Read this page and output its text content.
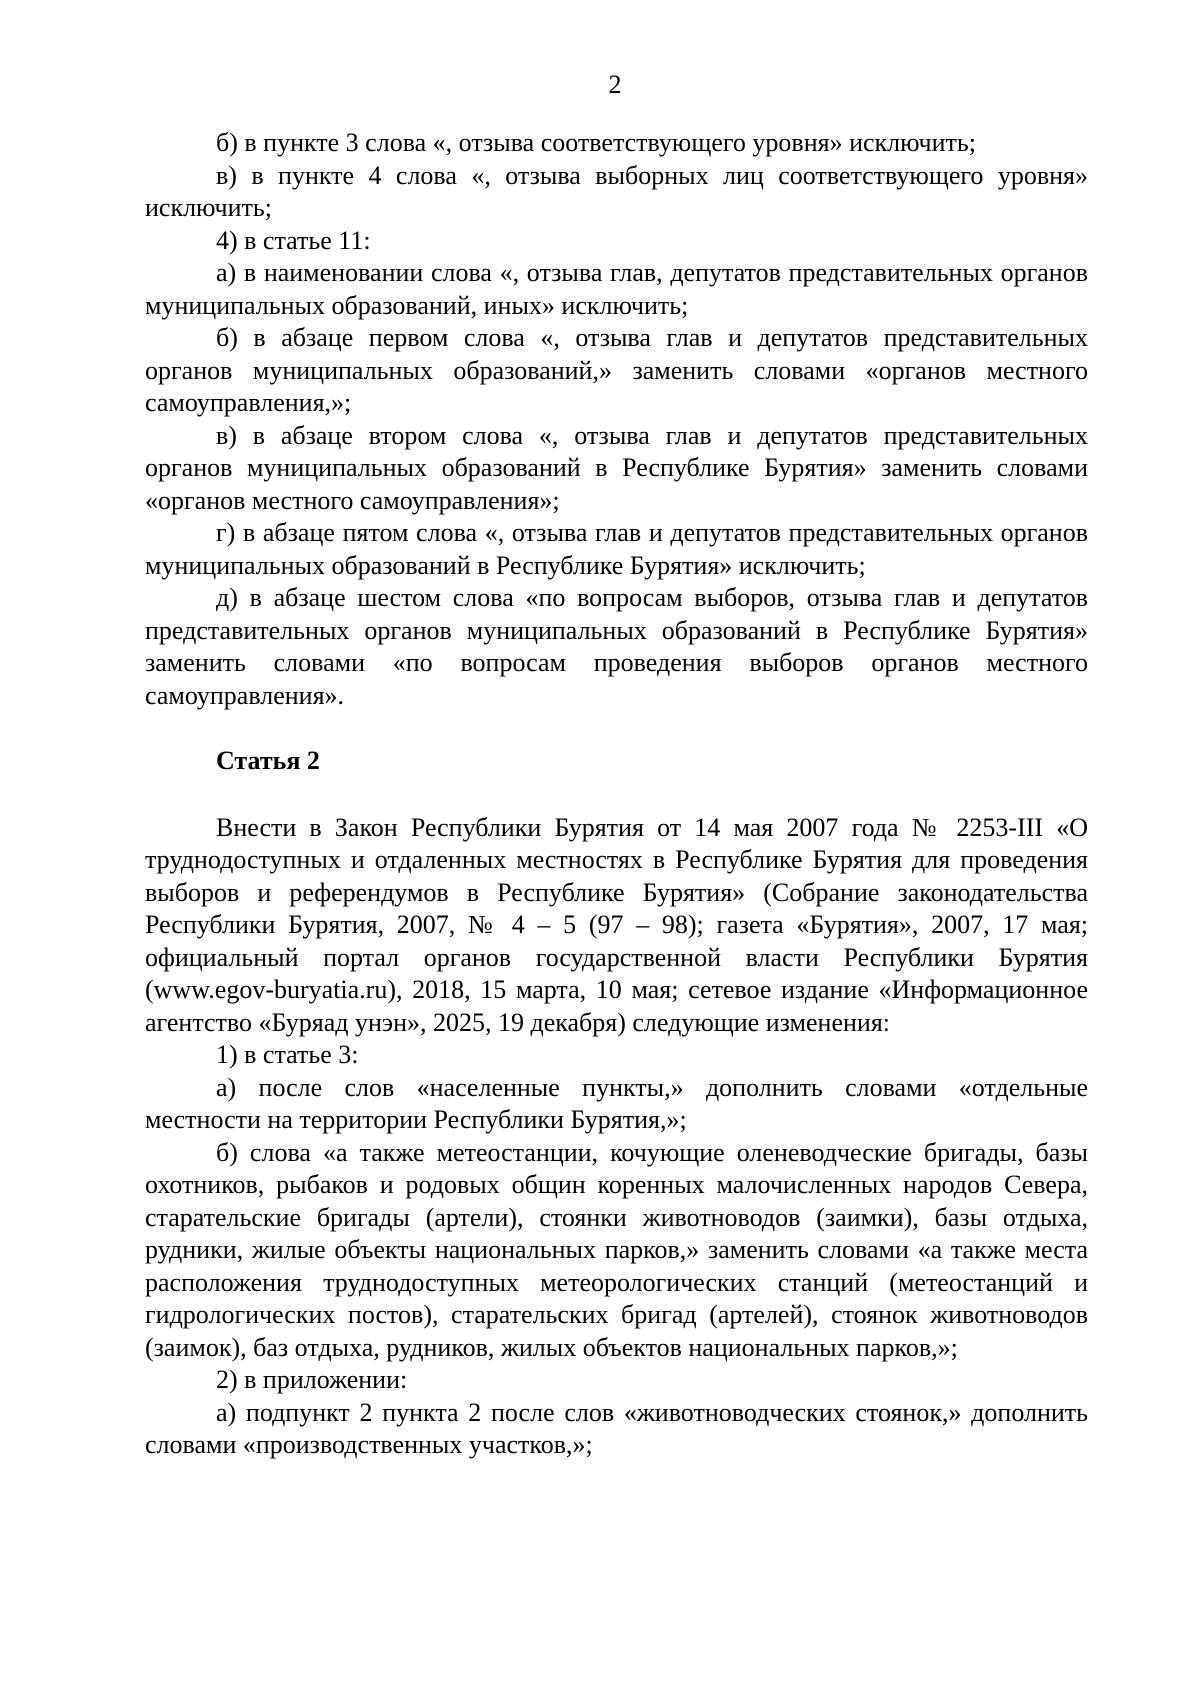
2

б) в пункте 3 слова «, отзыва соответствующего уровня» исключить;

в) в пункте 4 слова «, отзыва выборных лиц соответствующего уровня» исключить;

4) в статье 11:

а) в наименовании слова «, отзыва глав, депутатов представительных органов муниципальных образований, иных» исключить;

б) в абзаце первом слова «, отзыва глав и депутатов представительных органов муниципальных образований,» заменить словами «органов местного самоуправления,»;

в) в абзаце втором слова «, отзыва глав и депутатов представительных органов муниципальных образований в Республике Бурятия» заменить словами «органов местного самоуправления»;

г) в абзаце пятом слова «, отзыва глав и депутатов представительных органов муниципальных образований в Республике Бурятия» исключить;

д) в абзаце шестом слова «по вопросам выборов, отзыва глав и депутатов представительных органов муниципальных образований в Республике Бурятия» заменить словами «по вопросам проведения выборов органов местного самоуправления».

Статья 2

Внести в Закон Республики Бурятия от 14 мая 2007 года № 2253-III «О труднодоступных и отдаленных местностях в Республике Бурятия для проведения выборов и референдумов в Республике Бурятия» (Собрание законодательства Республики Бурятия, 2007, № 4 – 5 (97 – 98); газета «Бурятия», 2007, 17 мая; официальный портал органов государственной власти Республики Бурятия (www.egov-buryatia.ru), 2018, 15 марта, 10 мая; сетевое издание «Информационное агентство «Буряад унэн», 2025, 19 декабря) следующие изменения:

1) в статье 3:

а) после слов «населенные пункты,» дополнить словами «отдельные местности на территории Республики Бурятия,»;

б) слова «а также метеостанции, кочующие оленеводческие бригады, базы охотников, рыбаков и родовых общин коренных малочисленных народов Севера, старательские бригады (артели), стоянки животноводов (заимки), базы отдыха, рудники, жилые объекты национальных парков,» заменить словами «а также места расположения труднодоступных метеорологических станций (метеостанций и гидрологических постов), старательских бригад (артелей), стоянок животноводов (заимок), баз отдыха, рудников, жилых объектов национальных парков,»;

2) в приложении:

а) подпункт 2 пункта 2 после слов «животноводческих стоянок,» дополнить словами «производственных участков,»;
